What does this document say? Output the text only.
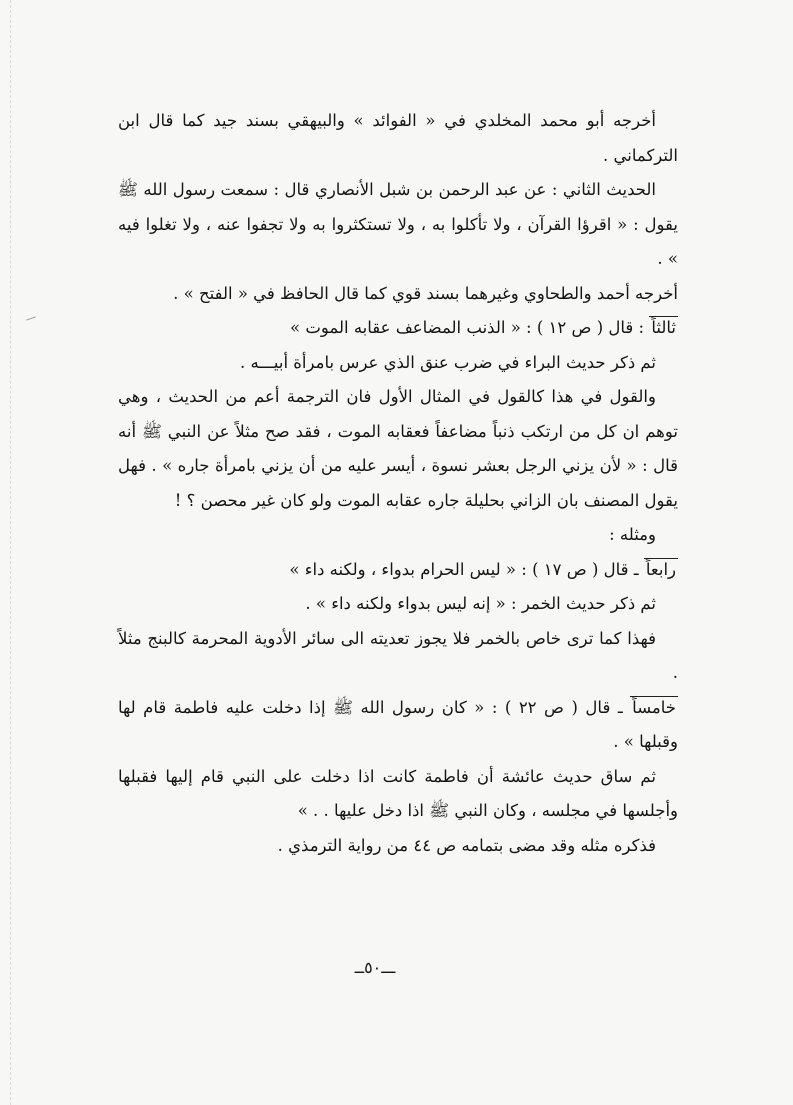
أخرجه أبو محمد المخلدي في « الفوائد » والبيهقي بسند جيد كما قال ابن التركماني .

الحديث الثاني : عن عبد الرحمن بن شبل الأنصاري قال : سمعت رسول الله ﷺ يقول : « اقرؤا القرآن ، ولا تأكلوا به ، ولا تستكثروا به ولا تجفوا عنه ، ولا تغلوا فيه » .

أخرجه أحمد والطحاوي وغيرهما بسند قوي كما قال الحافظ في « الفتح » .

ثالثاً : قال ( ص ١٢ ) : « الذنب المضاعف عقابه الموت »

ثم ذكر حديث البراء في ضرب عنق الذي عرس بامرأة أبيـــه .

والقول في هذا كالقول في المثال الأول فان الترجمة أعم من الحديث ، وهي توهم ان كل من ارتكب ذنباً مضاعفاً فعقابه الموت ، فقد صح مثلاً عن النبي ﷺ أنه قال : « لأن يزني الرجل بعشر نسوة ، أيسر عليه من أن يزني بامرأة جاره » . فهل يقول المصنف بان الزاني بحليلة جاره عقابه الموت ولو كان غير محصن ؟ !

ومثله :

رابعاً ـ قال ( ص ١٧ ) : « ليس الحرام بدواء ، ولكنه داء »

ثم ذكر حديث الخمر : « إنه ليس بدواء ولكنه داء » .

فهذا كما ترى خاص بالخمر فلا يجوز تعديته الى سائر الأدوية المحرمة كالبنج مثلاً .

خامساً ـ قال ( ص ٢٢ ) : « كان رسول الله ﷺ إذا دخلت عليه فاطمة قام لها وقبلها » .

ثم ساق حديث عائشة أن فاطمة كانت اذا دخلت على النبي قام إليها فقبلها وأجلسها في مجلسه ، وكان النبي ﷺ اذا دخل عليها . . »

فذكره مثله وقد مضى بتمامه ص ٤٤ من رواية الترمذي .

ـــ٥٠ــ
